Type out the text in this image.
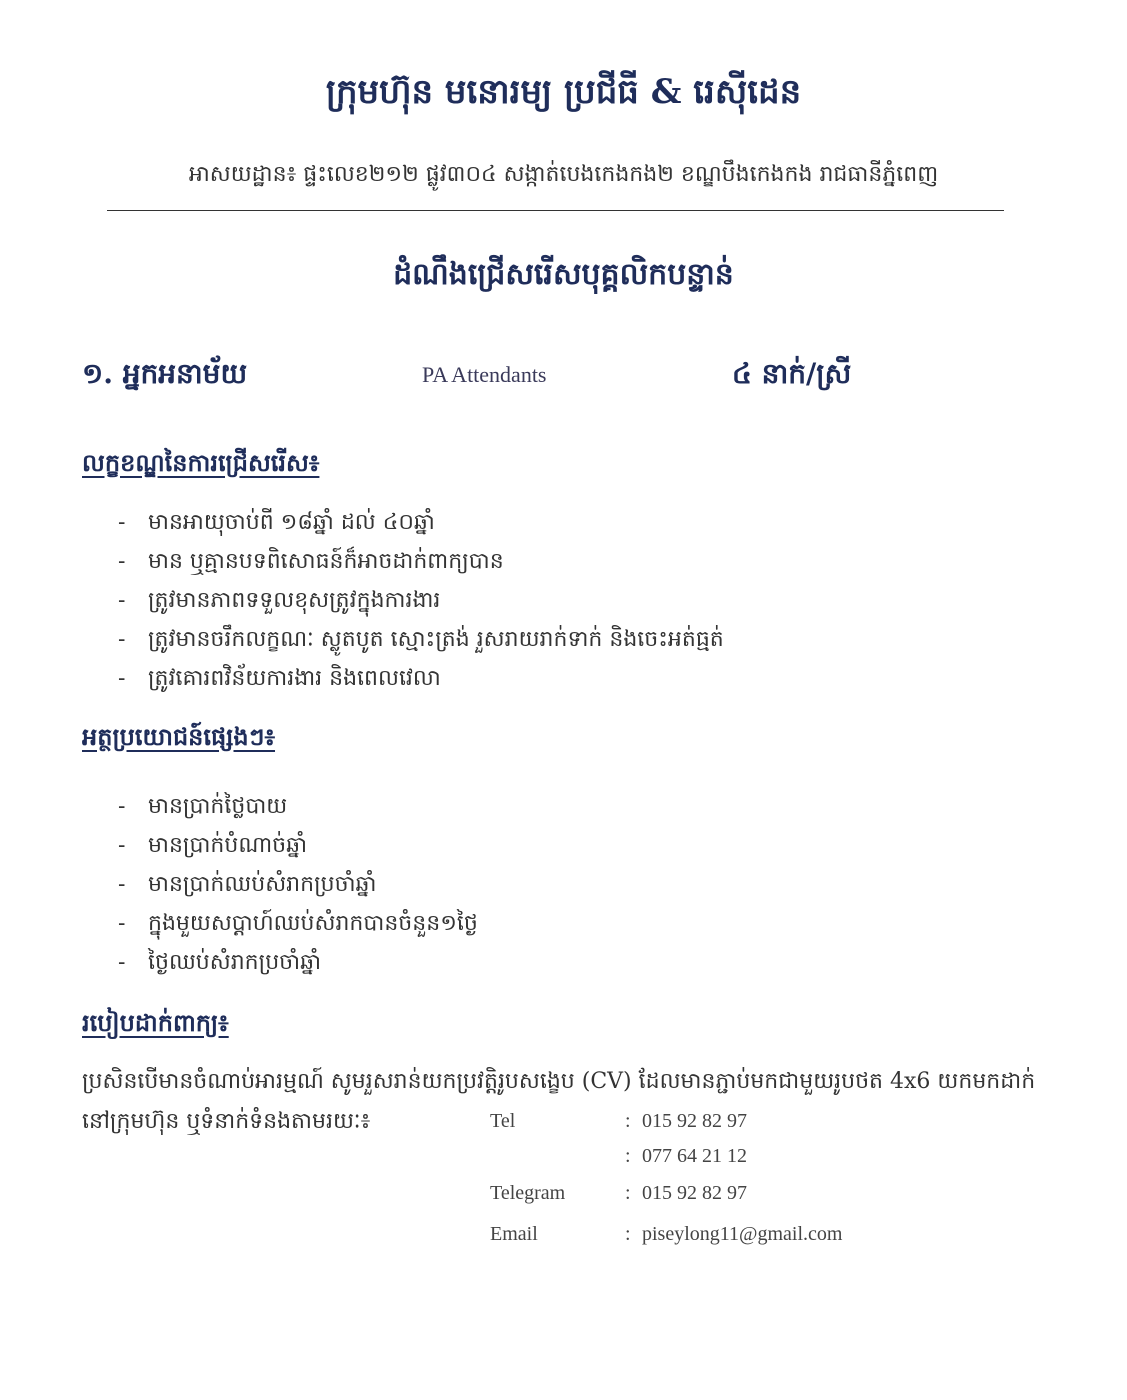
ក្រុមហ៊ុន មនោរម្យ ប្រជីធី & រេស៊ីដេន
អាសយដ្ឋាន៖ ផ្ទះលេខ២១២ ផ្លូវ៣០៤ សង្កាត់បេងកេងកង២ ខណ្ឌបឹងកេងកង រាជធានីភ្នំពេញ
ដំណឹងជ្រើសរើសបុគ្គលិកបន្ទាន់
១. អ្នកអនាម័យ	PA Attendants	៤ នាក់/ស្រី
លក្ខខណ្ឌនៃការជ្រើសរើស៖
- មានអាយុចាប់ពី ១៨ឆ្នាំ ដល់ ៤០ឆ្នាំ
- មាន ឬគ្មានបទពិសោធន៍ក៏អាចដាក់ពាក្យបាន
- ត្រូវមានភាពទទួលខុសត្រូវក្នុងការងារ
- ត្រូវមានចរឹកលក្ខណៈ ស្លូតបូត ស្មោះត្រង់ រួសរាយរាក់ទាក់ និងចេះអត់ធ្មត់
- ត្រូវគោរពវិន័យការងារ និងពេលវេលា
អត្ថប្រយោជន៍ផ្សេងៗ៖
- មានប្រាក់ថ្លៃបាយ
- មានប្រាក់បំណាច់ឆ្នាំ
- មានប្រាក់ឈប់សំរាកប្រចាំឆ្នាំ
- ក្នុងមួយសប្ដាហ៍ឈប់សំរាកបានចំនួន១ថ្ងៃ
- ថ្ងៃឈប់សំរាកប្រចាំឆ្នាំ
របៀបដាក់ពាក្យ៖
ប្រសិនបើមានចំណាប់អារម្មណ៍ សូមរួសរាន់យកប្រវត្តិរូបសង្ខេប (CV) ដែលមានភ្ជាប់មកជាមួយរូបថត 4x6 យកមកដាក់
នៅក្រុមហ៊ុន ឬទំនាក់ទំនងតាមរយៈ៖	Tel	: 015 92 82 97
: 077 64 21 12
Telegram	: 015 92 82 97
Email	: piseylong11@gmail.com
